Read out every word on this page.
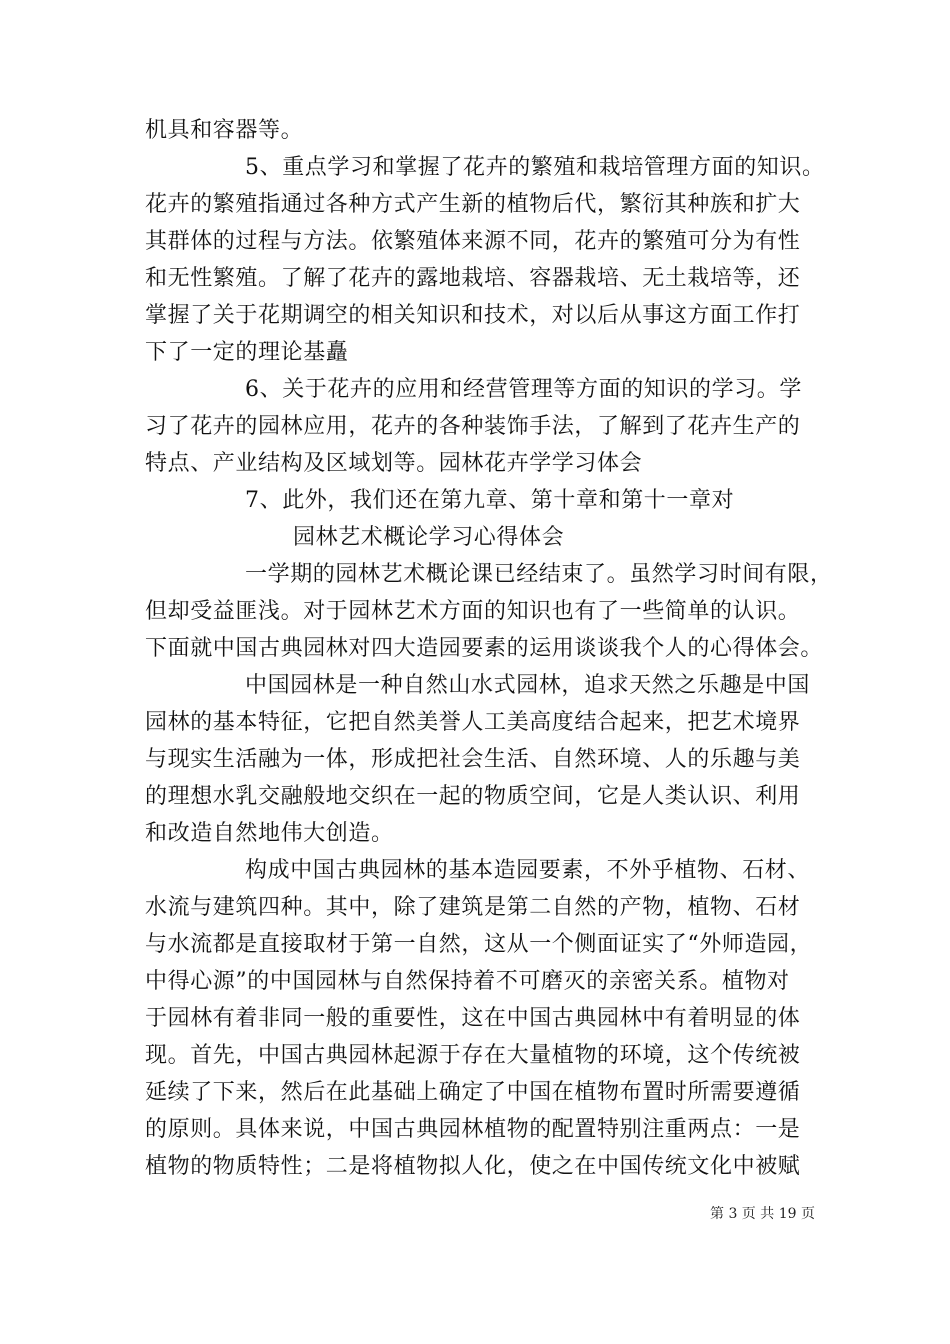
机具和容器等。
5、重点学习和掌握了花卉的繁殖和栽培管理方面的知识。
花卉的繁殖指通过各种方式产生新的植物后代，繁衍其种族和扩大
其群体的过程与方法。依繁殖体来源不同，花卉的繁殖可分为有性
和无性繁殖。了解了花卉的露地栽培、容器栽培、无土栽培等，还
掌握了关于花期调空的相关知识和技术，对以后从事这方面工作打
下了一定的理论基矗
6、关于花卉的应用和经营管理等方面的知识的学习。学
习了花卉的园林应用，花卉的各种装饰手法，了解到了花卉生产的
特点、产业结构及区域划等。园林花卉学学习体会
7、此外，我们还在第九章、第十章和第十一章对
园林艺术概论学习心得体会
一学期的园林艺术概论课已经结束了。虽然学习时间有限，
但却受益匪浅。对于园林艺术方面的知识也有了一些简单的认识。
下面就中国古典园林对四大造园要素的运用谈谈我个人的心得体会。
中国园林是一种自然山水式园林，追求天然之乐趣是中国
园林的基本特征，它把自然美誉人工美高度结合起来，把艺术境界
与现实生活融为一体，形成把社会生活、自然环境、人的乐趣与美
的理想水乳交融般地交织在一起的物质空间，它是人类认识、利用
和改造自然地伟大创造。
构成中国古典园林的基本造园要素，不外乎植物、石材、
水流与建筑四种。其中，除了建筑是第二自然的产物，植物、石材
与水流都是直接取材于第一自然，这从一个侧面证实了“外师造园，
中得心源”的中国园林与自然保持着不可磨灭的亲密关系。植物对
于园林有着非同一般的重要性，这在中国古典园林中有着明显的体
现。首先，中国古典园林起源于存在大量植物的环境，这个传统被
延续了下来，然后在此基础上确定了中国在植物布置时所需要遵循
的原则。具体来说，中国古典园林植物的配置特别注重两点：一是
植物的物质特性；二是将植物拟人化，使之在中国传统文化中被赋
第 3 页 共 19 页
